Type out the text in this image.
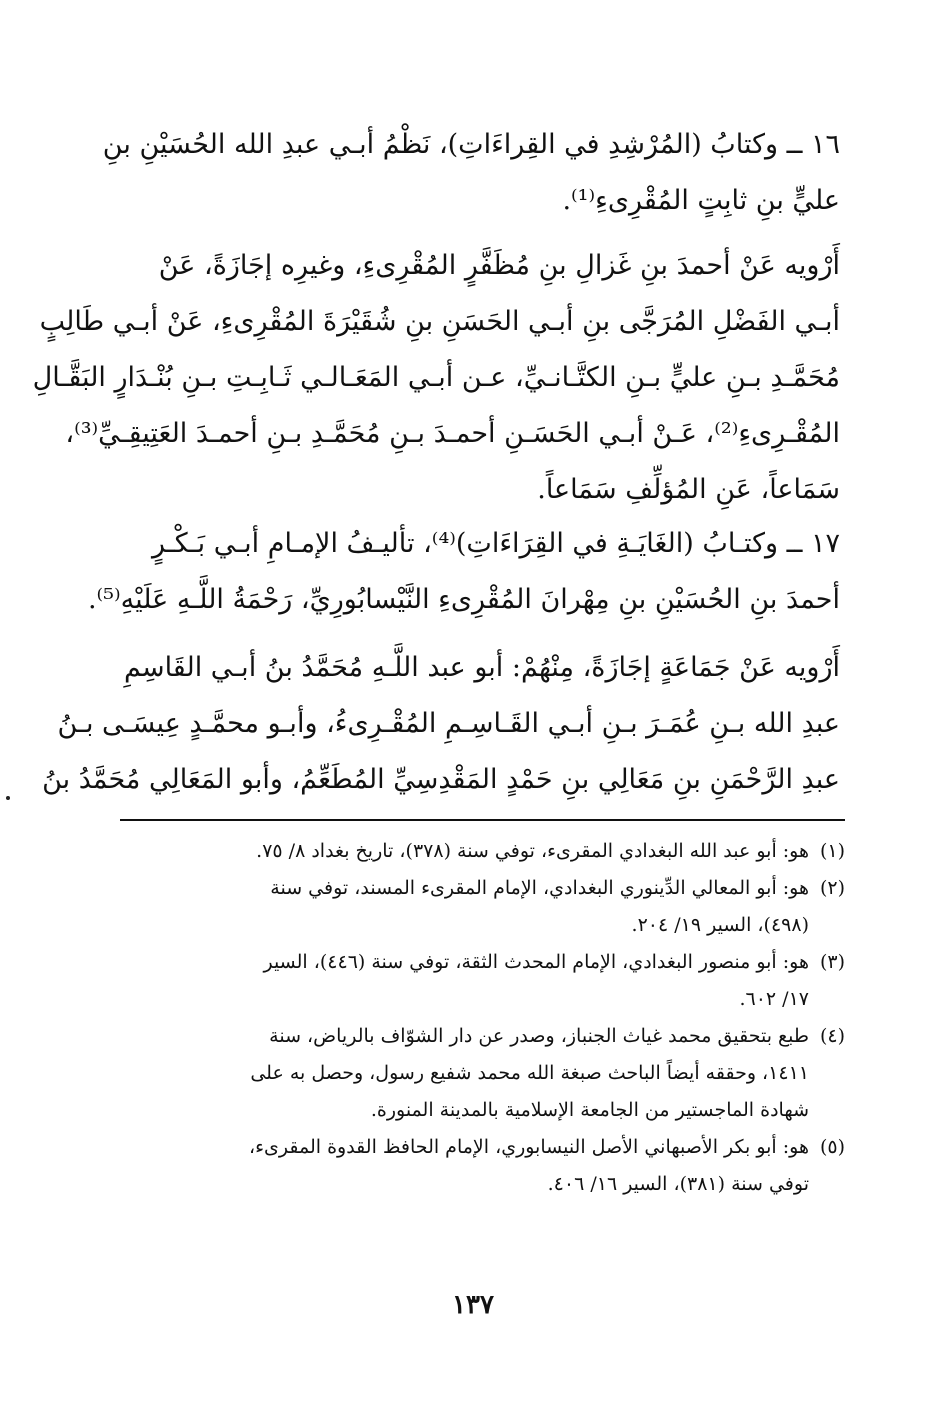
١٦ ــ وكتابُ (المُرْشِدِ في القِراءَاتِ)، نَظْمُ أبـي عبدِ الله الحُسَيْنِ بنِ
عليٍّ بنِ ثابِتٍ المُقْرِىءِ⁽¹⁾.
أَرْويه عَنْ أحمدَ بنِ غَزالِ بنِ مُظَفَّرٍ المُقْرِىءِ، وغيرِه إجَازَةً، عَنْ
أبـي الفَضْلِ المُرَجَّى بنِ أبـي الحَسَنِ بنِ شُقَيْرَةَ المُقْرِىءِ، عَنْ أبـي طَالِبٍ
مُحَمَّـدِ بـنِ عليٍّ بـنِ الكتَّـانـيِّ، عـن أبـي المَعَـالـي ثَـابِـتِ بـنِ بُنْـدَارٍ البَقَّـالِ
المُقْـرِىءِ⁽²⁾، عَـنْ أبـي الحَسَـنِ أحمـدَ بـنِ مُحَمَّـدِ بـنِ أحمـدَ العَتِيقِـيِّ⁽³⁾،
سَمَاعاً، عَنِ المُؤلِّفِ سَمَاعاً.
١٧ ــ وكتـابُ (الغَايَـةِ في القِرَاءَاتِ)⁽⁴⁾، تأليـفُ الإمـامِ أبـي بَـكْـرٍ
أحمدَ بنِ الحُسَيْنِ بنِ مِهْرانَ المُقْرِىءِ النَّيْسابُورِيِّ، رَحْمَةُ اللَّـهِ عَلَيْهِ⁽⁵⁾.
أَرْويه عَنْ جَمَاعَةٍ إجَازَةً، مِنْهُمْ: أبو عبد اللَّـهِ مُحَمَّدُ بنُ أبـي القَاسِمِ
عبدِ الله بـنِ عُمَـرَ بـنِ أبـي القَـاسِـمِ المُقْـرِىءُ، وأبـو محمَّـدٍ عِيسَـى بـنُ
عبدِ الرَّحْمَنِ بنِ مَعَالِي بنِ حَمْدٍ المَقْدِسِيِّ المُطَعِّمُ، وأبو المَعَالِي مُحَمَّدُ بنُ
(١)هو: أبو عبد الله البغدادي المقرىء، توفي سنة (٣٧٨)، تاريخ بغداد ٨/ ٧٥.
(٢)هو: أبو المعالي الدِّينوري البغدادي، الإمام المقرىء المسند، توفي سنة
(٤٩٨)، السير ١٩/ ٢٠٤.
(٣)هو: أبو منصور البغدادي، الإمام المحدث الثقة، توفي سنة (٤٤٦)، السير
١٧/ ٦٠٢.
(٤)طبع بتحقيق محمد غياث الجنباز، وصدر عن دار الشوّاف بالرياض، سنة
١٤١١، وحققه أيضاً الباحث صبغة الله محمد شفيع رسول، وحصل به على
شهادة الماجستير من الجامعة الإسلامية بالمدينة المنورة.
(٥)هو: أبو بكر الأصبهاني الأصل النيسابوري، الإمام الحافظ القدوة المقرىء،
توفي سنة (٣٨١)، السير ١٦/ ٤٠٦.
١٣٧
